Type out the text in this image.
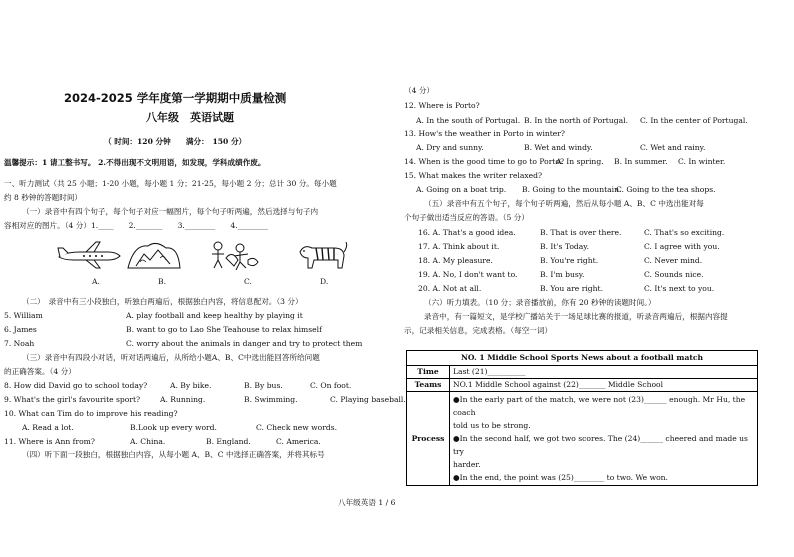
2024-2025 学年度第一学期期中质量检测
八年级　英语试题
（ 时间：120 分钟　　满分：　150 分）
温馨提示：1 请工整书写。 2.不得出现不文明用语，如发现，学科成绩作废。
一、听力测试（共 25 小题；1-20 小题，每小题 1 分；21-25，每小题 2 分；总计 30 分。每小题
约 8 秒钟的答题时间）
（一）录音中有四个句子，每个句子对应一幅图片，每个句子听两遍，然后选择与句子内
容相对应的图片。（4 分）1.____　　2._______　　3.________　　4.________
A.	B.	C.	D.
（二）　录音中有三小段独白，听独白两遍后，根据独白内容，将信息配对。（3 分）
5. William	A. play football and keep healthy by playing it
6. James	B. want to go to Lao She Teahouse to relax himself
7. Noah	C. worry about the animals in danger and try to protect them
（三）录音中有四段小对话，听对话两遍后，从所给小题A、B、C中选出能回答所给问题
的正确答案。（4 分）
8. How did David go to school today?	A. By bike.	B. By bus.	C. On foot.
9. What's the girl's favourite sport?	A. Running.	B. Swimming.	C. Playing baseball.
10. What can Tim do to improve his reading?
A. Read a lot.	B.Look up every word.	C. Check new words.
11. Where is Ann from?	A. China.	B. England.	C. America.
（四）听下面一段独白，根据独白内容，从每小题 A、B、C 中选择正确答案，并将其标号
八年级英语 1 / 6
（4 分）
12. Where is Porto?
A. In the south of Portugal. B. In the north of Portugal. C. In the center of Portugal.
13. How's the weather in Porto in winter?
A. Dry and sunny.	B. Wet and windy.	C. Wet and rainy.
14. When is the good time to go to Porto?
A. In spring. B. In summer. C. In winter.
15. What makes the writer relaxed?
A. Going on a boat trip. B. Going to the mountain.
C. Going to the tea shops.
（五）录音中有五个句子，每个句子听两遍，然后从每小题 A、B、C 中选出能对每
个句子做出适当反应的答语。（5 分）
16. A. That's a good idea.	B. That is over there.	C. That's so exciting.
17. A. Think about it.	B. It's Today.	C. I agree with you.
18. A. My pleasure.	B. You're right.	C. Never mind.
19. A. No, I don't want to.	B. I'm busy.	C. Sounds nice.
20. A. Not at all.	B. You are right.	C. It's next to you.
（六）听力填表。（10 分；录音播放前，你有 20 秒钟的读题时间。）
录音中，有一篇短文，是学校广播站关于一场足球比赛的报道，听录音两遍后，根据内容提
示，记录相关信息，完成表格。（每空一词）
NO. 1 Middle School Sports News about a football match	
Time	Last (21)__________
Teams	NO.1 Middle School against (22)_______ Middle School
Process	●In the early part of the match, we were not (23)______ enough. Mr Hu, the coach
told us to be strong.
●In the second half, we got two scores. The (24)______ cheered and made us try
harder.
●In the end, the point was (25)________ to two. We won.
